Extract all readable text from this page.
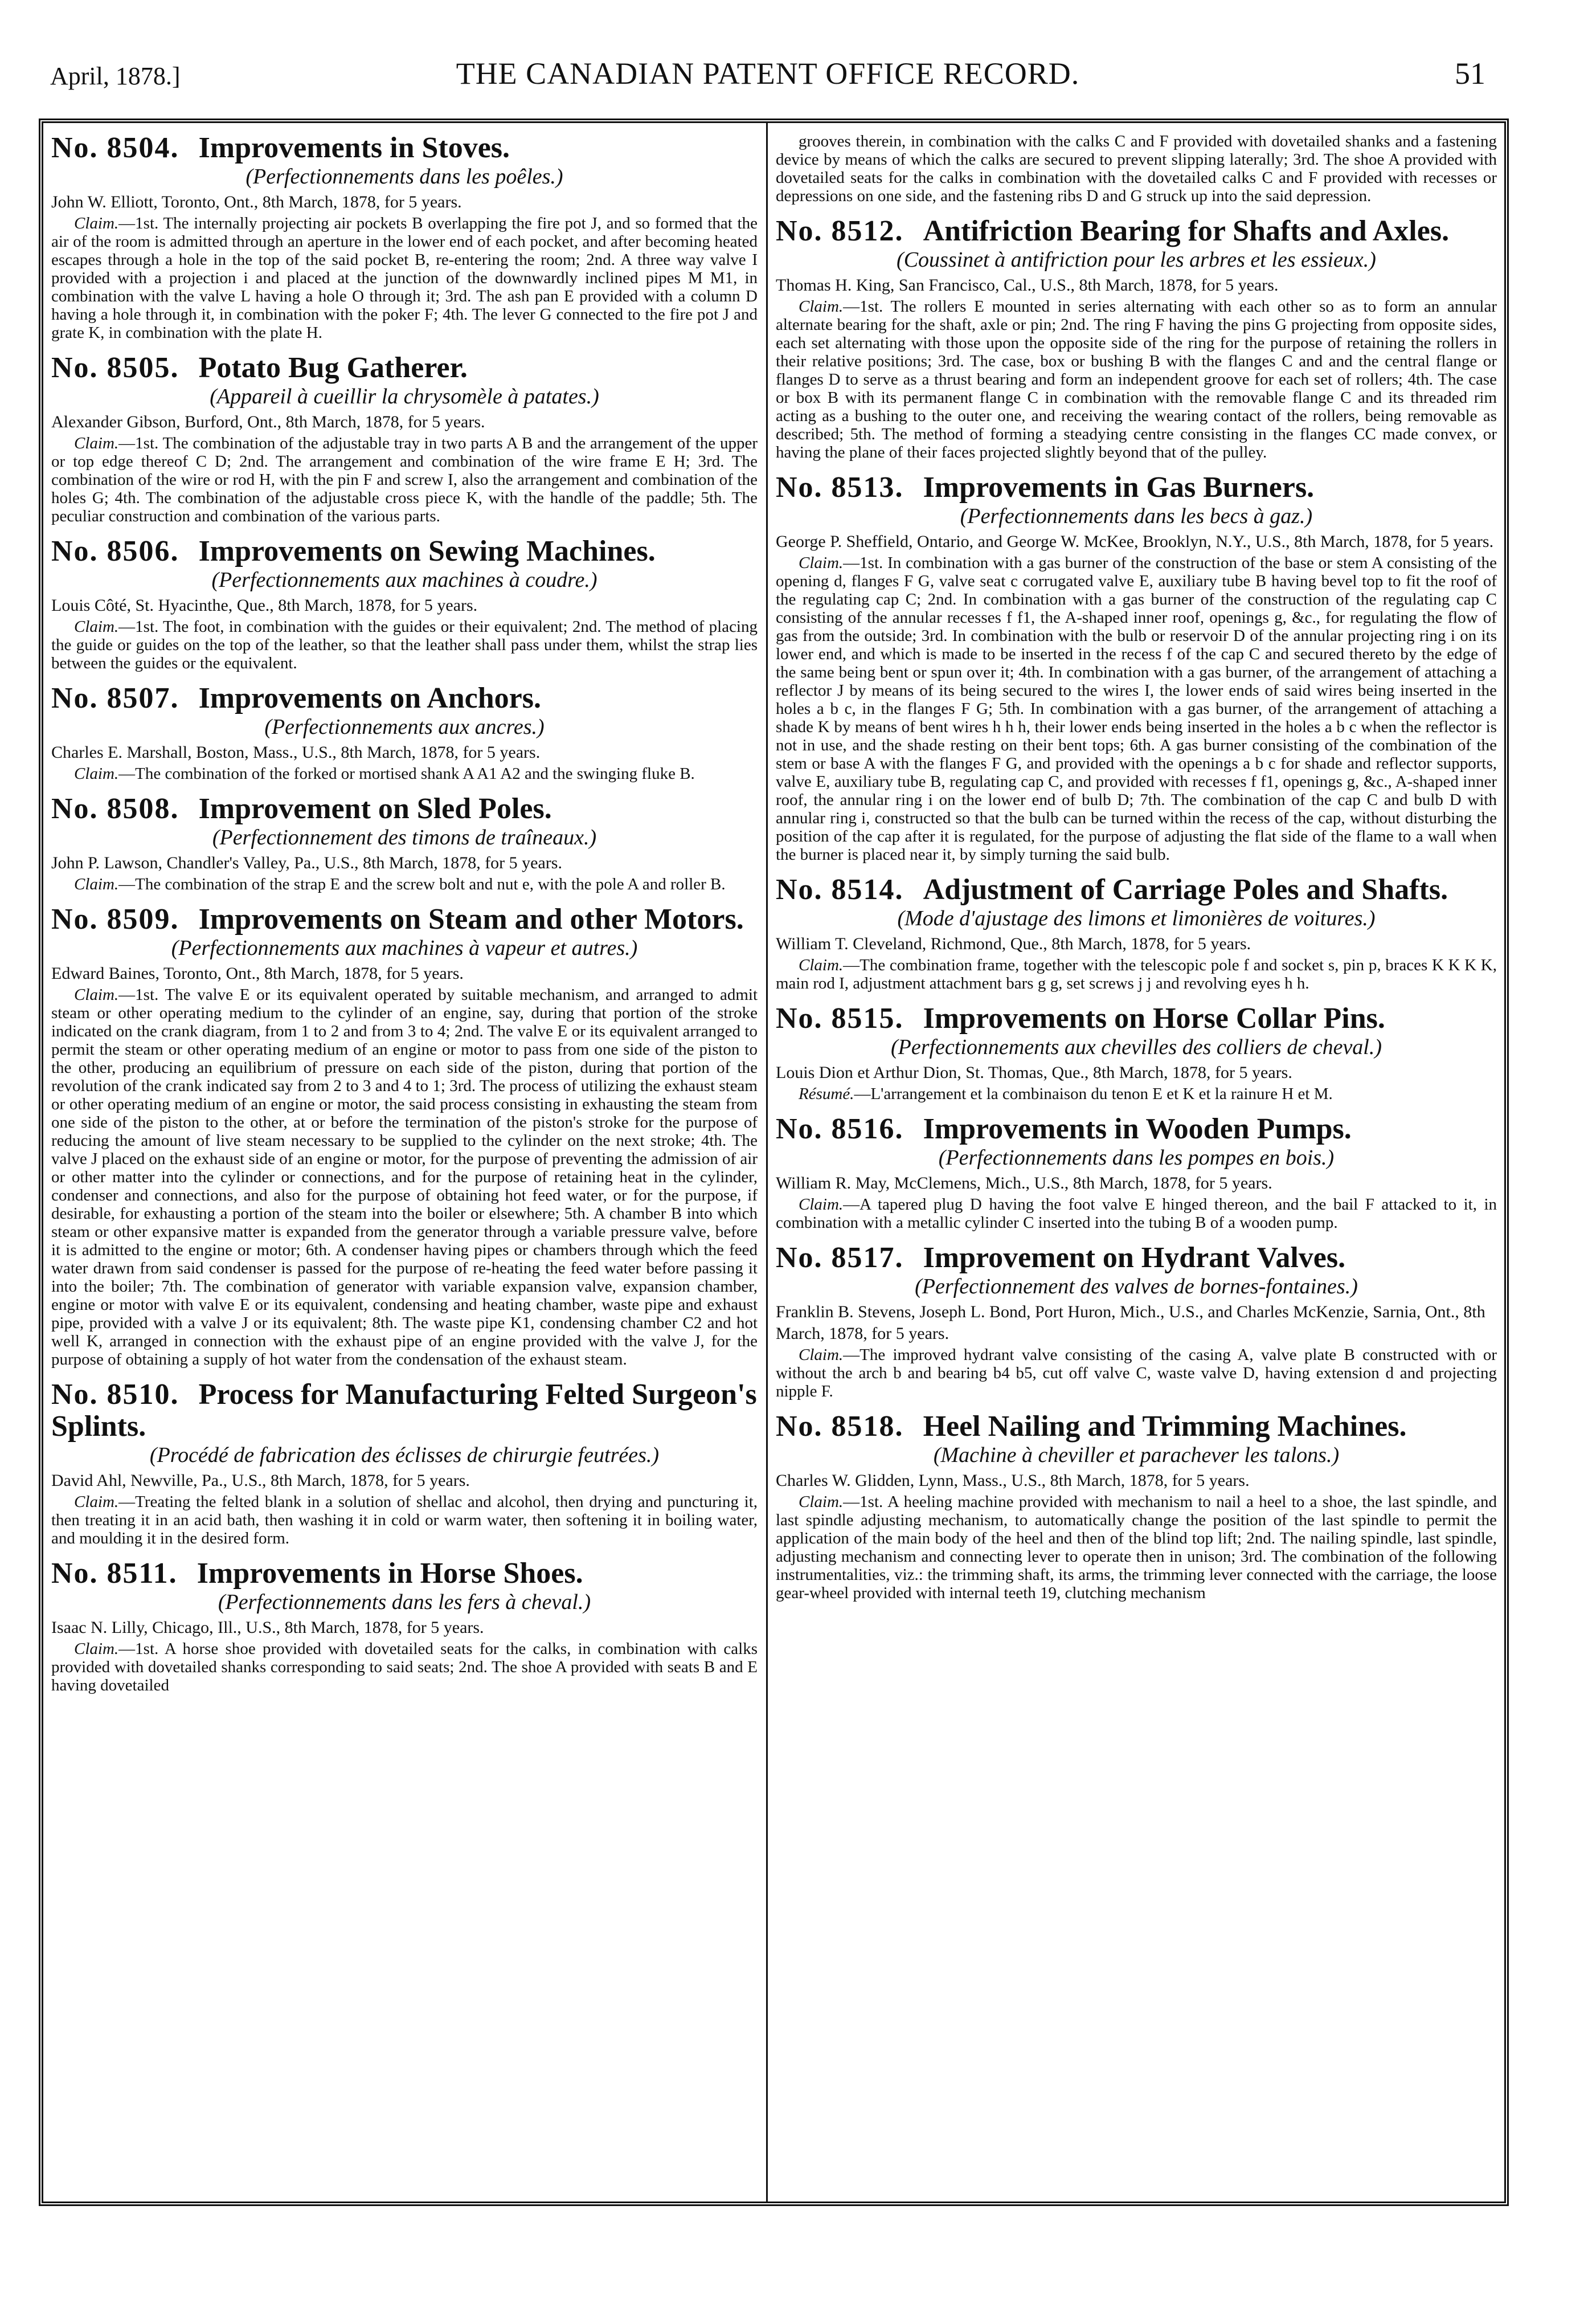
April, 1878.]	THE CANADIAN PATENT OFFICE RECORD.	51
No. 8504. Improvements in Stoves.
(Perfectionnements dans les poêles.)
John W. Elliott, Toronto, Ont., 8th March, 1878, for 5 years.

Claim.—1st. The internally projecting air pockets B overlapping the fire pot J, and so formed that the air of the room is admitted through an aperture in the lower end of each pocket, and after becoming heated escapes through a hole in the top of the said pocket B, re-entering the room; 2nd. A three way valve I provided with a projection i and placed at the junction of the downwardly inclined pipes M M1, in combination with the valve L having a hole O through it; 3rd. The ash pan E provided with a column D having a hole through it, in combination with the poker F; 4th. The lever G connected to the fire pot J and grate K, in combination with the plate H.

No. 8505. Potato Bug Gatherer.
(Appareil à cueillir la chrysomèle à patates.)
Alexander Gibson, Burford, Ont., 8th March, 1878, for 5 years.

Claim.—1st. The combination of the adjustable tray in two parts A B and the arrangement of the upper or top edge thereof C D; 2nd. The arrangement and combination of the wire frame E H; 3rd. The combination of the wire or rod H, with the pin F and screw I, also the arrangement and combination of the holes G; 4th. The combination of the adjustable cross piece K, with the handle of the paddle; 5th. The peculiar construction and combination of the various parts.

No. 8506. Improvements on Sewing Machines.
(Perfectionnements aux machines à coudre.)
Louis Côté, St. Hyacinthe, Que., 8th March, 1878, for 5 years.

Claim.—1st. The foot, in combination with the guides or their equivalent; 2nd. The method of placing the guide or guides on the top of the leather, so that the leather shall pass under them, whilst the strap lies between the guides or the equivalent.

No. 8507. Improvements on Anchors.
(Perfectionnements aux ancres.)
Charles E. Marshall, Boston, Mass., U.S., 8th March, 1878, for 5 years.

Claim.—The combination of the forked or mortised shank A A1 A2 and the swinging fluke B.

No. 8508. Improvement on Sled Poles.
(Perfectionnement des timons de traîneaux.)
John P. Lawson, Chandler's Valley, Pa., U.S., 8th March, 1878, for 5 years.

Claim.—The combination of the strap E and the screw bolt and nut e, with the pole A and roller B.

No. 8509. Improvements on Steam and other Motors.
(Perfectionnements aux machines à vapeur et autres.)
Edward Baines, Toronto, Ont., 8th March, 1878, for 5 years.

Claim.—1st. The valve E or its equivalent operated by suitable mechanism, and arranged to admit steam or other operating medium to the cylinder of an engine, say, during that portion of the stroke indicated on the crank diagram, from 1 to 2 and from 3 to 4; 2nd. The valve E or its equivalent arranged to permit the steam or other operating medium of an engine or motor to pass from one side of the piston to the other, producing an equilibrium of pressure on each side of the piston, during that portion of the revolution of the crank indicated say from 2 to 3 and 4 to 1; 3rd. The process of utilizing the exhaust steam or other operating medium of an engine or motor, the said process consisting in exhausting the steam from one side of the piston to the other, at or before the termination of the piston's stroke for the purpose of reducing the amount of live steam necessary to be supplied to the cylinder on the next stroke; 4th. The valve J placed on the exhaust side of an engine or motor, for the purpose of preventing the admission of air or other matter into the cylinder or connections, and for the purpose of retaining heat in the cylinder, condenser and connections, and also for the purpose of obtaining hot feed water, or for the purpose, if desirable, for exhausting a portion of the steam into the boiler or elsewhere; 5th. A chamber B into which steam or other expansive matter is expanded from the generator through a variable pressure valve, before it is admitted to the engine or motor; 6th. A condenser having pipes or chambers through which the feed water drawn from said condenser is passed for the purpose of re-heating the feed water before passing it into the boiler; 7th. The combination of generator with variable expansion valve, expansion chamber, engine or motor with valve E or its equivalent, condensing and heating chamber, waste pipe and exhaust pipe, provided with a valve J or its equivalent; 8th. The waste pipe K1, condensing chamber C2 and hot well K, arranged in connection with the exhaust pipe of an engine provided with the valve J, for the purpose of obtaining a supply of hot water from the condensation of the exhaust steam.

No. 8510. Process for Manufacturing Felted Surgeon's Splints.
(Procédé de fabrication des éclisses de chirurgie feutrées.)
David Ahl, Newville, Pa., U.S., 8th March, 1878, for 5 years.

Claim.—Treating the felted blank in a solution of shellac and alcohol, then drying and puncturing it, then treating it in an acid bath, then washing it in cold or warm water, then softening it in boiling water, and moulding it in the desired form.

No. 8511. Improvements in Horse Shoes.
(Perfectionnements dans les fers à cheval.)
Isaac N. Lilly, Chicago, Ill., U.S., 8th March, 1878, for 5 years.

Claim.—1st. A horse shoe provided with dovetailed seats for the calks, in combination with calks provided with dovetailed shanks corresponding to said seats; 2nd. The shoe A provided with seats B and E having dovetailed

grooves therein, in combination with the calks C and F provided with dovetailed shanks and a fastening device by means of which the calks are secured to prevent slipping laterally; 3rd. The shoe A provided with dovetailed seats for the calks in combination with the dovetailed calks C and F provided with recesses or depressions on one side, and the fastening ribs D and G struck up into the said depression.

No. 8512. Antifriction Bearing for Shafts and Axles.
(Coussinet à antifriction pour les arbres et les essieux.)
Thomas H. King, San Francisco, Cal., U.S., 8th March, 1878, for 5 years.

Claim.—1st. The rollers E mounted in series alternating with each other so as to form an annular alternate bearing for the shaft, axle or pin; 2nd. The ring F having the pins G projecting from opposite sides, each set alternating with those upon the opposite side of the ring for the purpose of retaining the rollers in their relative positions; 3rd. The case, box or bushing B with the flanges C and and the central flange or flanges D to serve as a thrust bearing and form an independent groove for each set of rollers; 4th. The case or box B with its permanent flange C in combination with the removable flange C and its threaded rim acting as a bushing to the outer one, and receiving the wearing contact of the rollers, being removable as described; 5th. The method of forming a steadying centre consisting in the flanges CC made convex, or having the plane of their faces projected slightly beyond that of the pulley.

No. 8513. Improvements in Gas Burners.
(Perfectionnements dans les becs à gaz.)
George P. Sheffield, Ontario, and George W. McKee, Brooklyn, N.Y., U.S., 8th March, 1878, for 5 years.

Claim.—1st. In combination with a gas burner of the construction of the base or stem A consisting of the opening d, flanges F G, valve seat c corrugated valve E, auxiliary tube B having bevel top to fit the roof of the regulating cap C; 2nd. In combination with a gas burner of the construction of the regulating cap C consisting of the annular recesses f f1, the A-shaped inner roof, openings g, &c., for regulating the flow of gas from the outside; 3rd. In combination with the bulb or reservoir D of the annular projecting ring i on its lower end, and which is made to be inserted in the recess f of the cap C and secured thereto by the edge of the same being bent or spun over it; 4th. In combination with a gas burner, of the arrangement of attaching a reflector J by means of its being secured to the wires I, the lower ends of said wires being inserted in the holes a b c, in the flanges F G; 5th. In combination with a gas burner, of the arrangement of attaching a shade K by means of bent wires h h h, their lower ends being inserted in the holes a b c when the reflector is not in use, and the shade resting on their bent tops; 6th. A gas burner consisting of the combination of the stem or base A with the flanges F G, and provided with the openings a b c for shade and reflector supports, valve E, auxiliary tube B, regulating cap C, and provided with recesses f f1, openings g, &c., A-shaped inner roof, the annular ring i on the lower end of bulb D; 7th. The combination of the cap C and bulb D with annular ring i, constructed so that the bulb can be turned within the recess of the cap, without disturbing the position of the cap after it is regulated, for the purpose of adjusting the flat side of the flame to a wall when the burner is placed near it, by simply turning the said bulb.

No. 8514. Adjustment of Carriage Poles and Shafts.
(Mode d'ajustage des limons et limonières de voitures.)
William T. Cleveland, Richmond, Que., 8th March, 1878, for 5 years.

Claim.—The combination frame, together with the telescopic pole f and socket s, pin p, braces K K K K, main rod I, adjustment attachment bars g g, set screws j j and revolving eyes h h.

No. 8515. Improvements on Horse Collar Pins.
(Perfectionnements aux chevilles des colliers de cheval.)
Louis Dion et Arthur Dion, St. Thomas, Que., 8th March, 1878, for 5 years.

Résumé.—L'arrangement et la combinaison du tenon E et K et la rainure H et M.

No. 8516. Improvements in Wooden Pumps.
(Perfectionnements dans les pompes en bois.)
William R. May, McClemens, Mich., U.S., 8th March, 1878, for 5 years.

Claim.—A tapered plug D having the foot valve E hinged thereon, and the bail F attacked to it, in combination with a metallic cylinder C inserted into the tubing B of a wooden pump.

No. 8517. Improvement on Hydrant Valves.
(Perfectionnement des valves de bornes-fontaines.)
Franklin B. Stevens, Joseph L. Bond, Port Huron, Mich., U.S., and Charles McKenzie, Sarnia, Ont., 8th March, 1878, for 5 years.

Claim.—The improved hydrant valve consisting of the casing A, valve plate B constructed with or without the arch b and bearing b4 b5, cut off valve C, waste valve D, having extension d and projecting nipple F.

No. 8518. Heel Nailing and Trimming Machines.
(Machine à cheviller et parachever les talons.)
Charles W. Glidden, Lynn, Mass., U.S., 8th March, 1878, for 5 years.

Claim.—1st. A heeling machine provided with mechanism to nail a heel to a shoe, the last spindle, and last spindle adjusting mechanism, to automatically change the position of the last spindle to permit the application of the main body of the heel and then of the blind top lift; 2nd. The nailing spindle, last spindle, adjusting mechanism and connecting lever to operate then in unison; 3rd. The combination of the following instrumentalities, viz.: the trimming shaft, its arms, the trimming lever connected with the carriage, the loose gear-wheel provided with internal teeth 19, clutching mechanism
